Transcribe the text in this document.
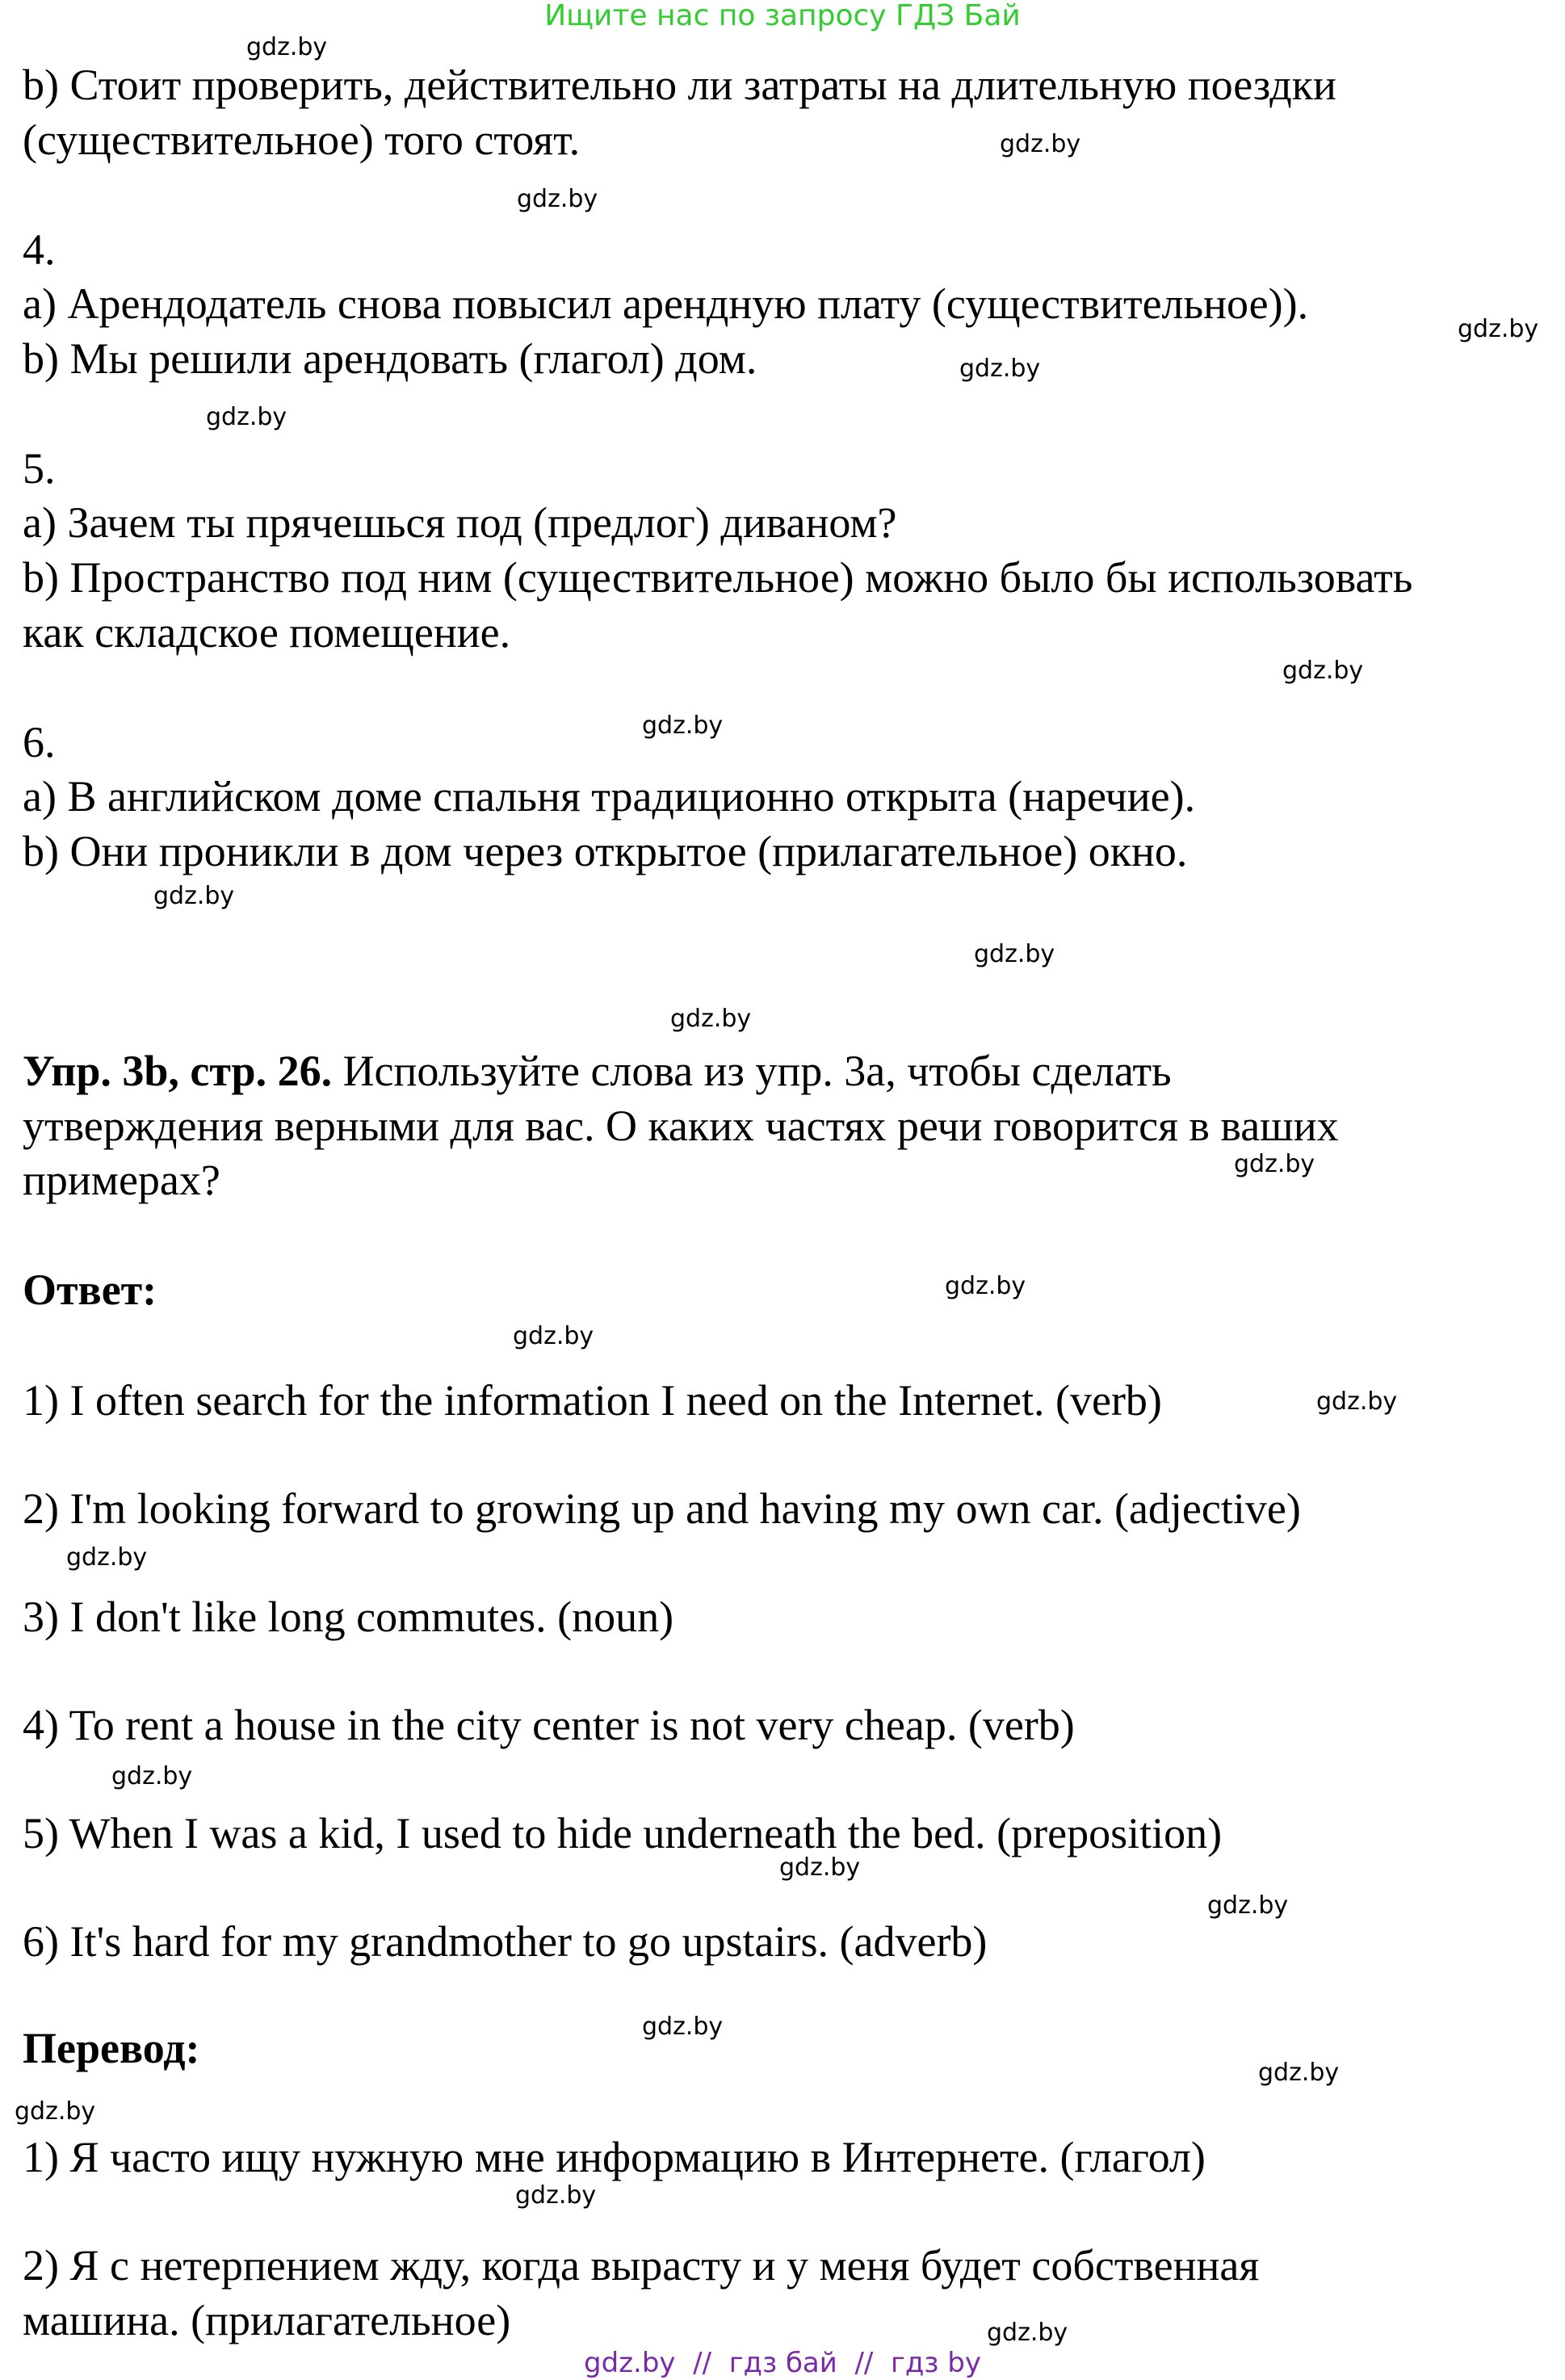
Ищите нас по запросу ГДЗ Бай
b) Стоит проверить, действительно ли затраты на длительную поездки
(существительное) того стоят.
4.
a) Арендодатель снова повысил арендную плату (существительное)).
b) Мы решили арендовать (глагол) дом.
5.
a) Зачем ты прячешься под (предлог) диваном?
b) Пространство под ним (существительное) можно было бы использовать
как складское помещение.
6.
a) В английском доме спальня традиционно открыта (наречие).
b) Они проникли в дом через открытое (прилагательное) окно.
Упр. 3b, стр. 26. Используйте слова из упр. 3a, чтобы сделать
утверждения верными для вас. О каких частях речи говорится в ваших
примерах?
Ответ:
1) I often search for the information I need on the Internet. (verb)
2) I'm looking forward to growing up and having my own car. (adjective)
3) I don't like long commutes. (noun)
4) To rent a house in the city center is not very cheap. (verb)
5) When I was a kid, I used to hide underneath the bed. (preposition)
6) It's hard for my grandmother to go upstairs. (adverb)
Перевод:
1) Я часто ищу нужную мне информацию в Интернете. (глагол)
2) Я с нетерпением жду, когда вырасту и у меня будет собственная
машина. (прилагательное)
gdz.by
gdz.by
gdz.by
gdz.by
gdz.by
gdz.by
gdz.by
gdz.by
gdz.by
gdz.by
gdz.by
gdz.by
gdz.by
gdz.by
gdz.by
gdz.by
gdz.by
gdz.by
gdz.by
gdz.by
gdz.by
gdz.by
gdz.by
gdz.by
gdz.by  //  гдз бай  //  гдз by
